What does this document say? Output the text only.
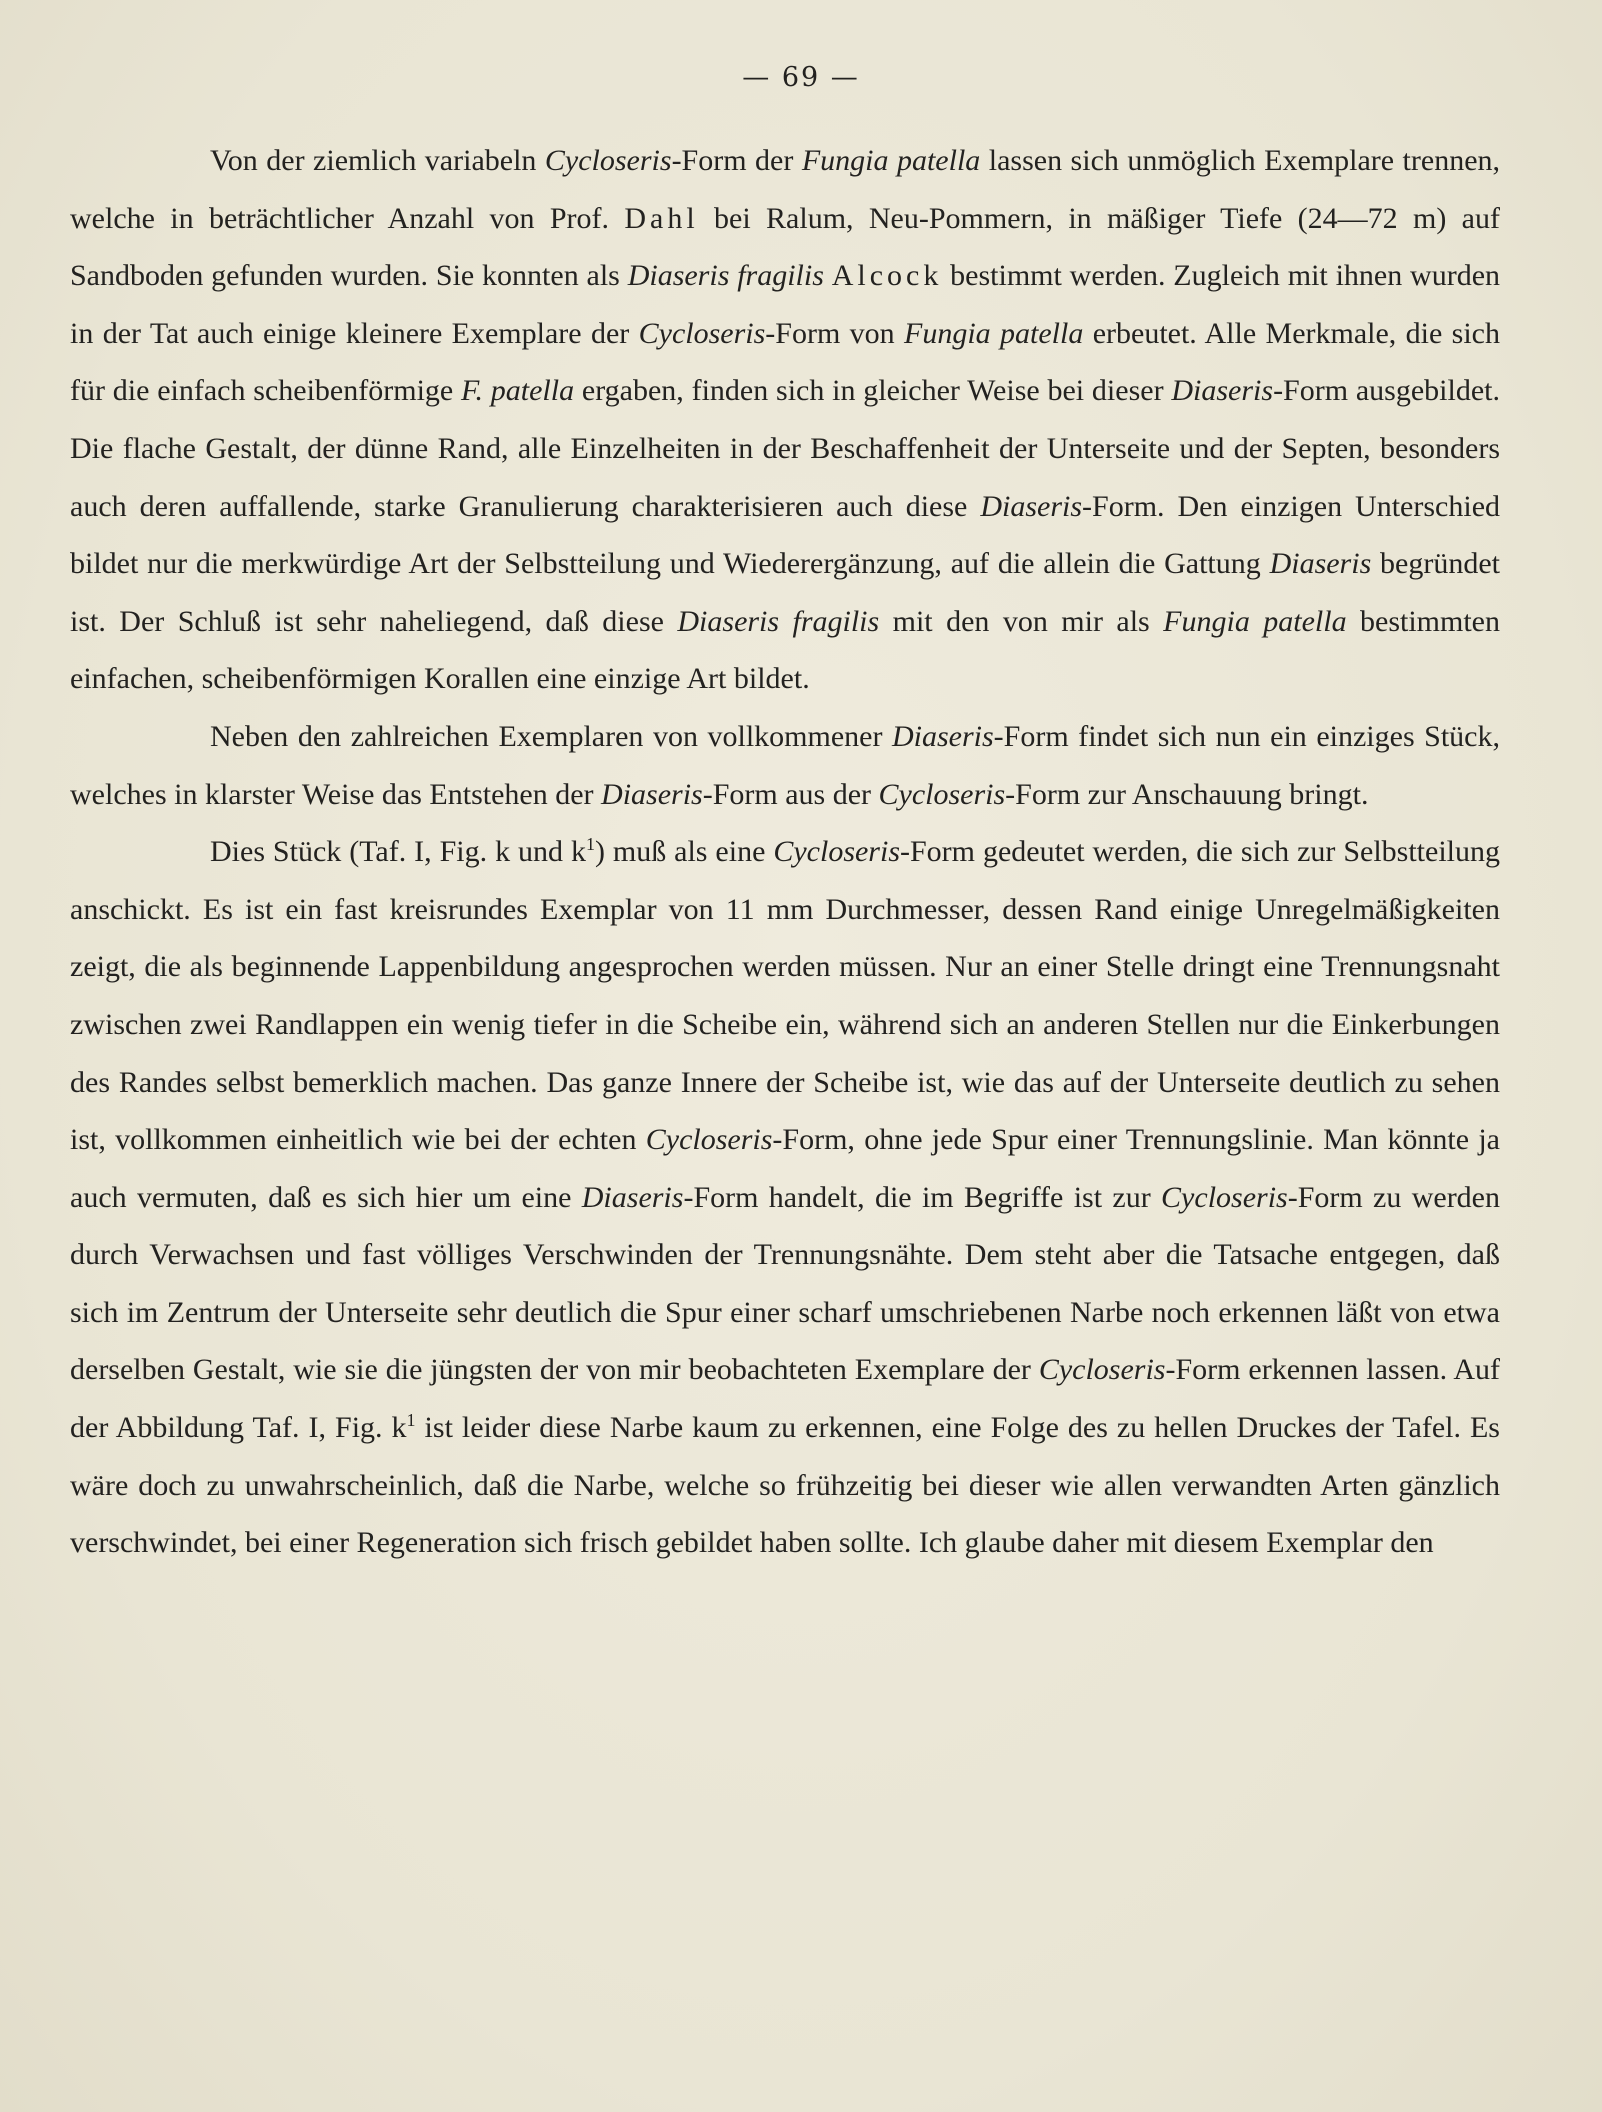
— 69 —

Von der ziemlich variabeln Cycloseris-Form der Fungia patella lassen sich unmöglich Exemplare trennen, welche in beträchtlicher Anzahl von Prof. Dahl bei Ralum, Neu-Pommern, in mäßiger Tiefe (24—72 m) auf Sandboden gefunden wurden. Sie konnten als Diaseris fragilis Alcock bestimmt werden. Zugleich mit ihnen wurden in der Tat auch einige kleinere Exemplare der Cycloseris-Form von Fungia patella erbeutet. Alle Merkmale, die sich für die einfach scheibenförmige F. patella ergaben, finden sich in gleicher Weise bei dieser Diaseris-Form ausgebildet. Die flache Gestalt, der dünne Rand, alle Einzelheiten in der Beschaffenheit der Unterseite und der Septen, besonders auch deren auffallende, starke Granulierung charakterisieren auch diese Diaseris-Form. Den einzigen Unterschied bildet nur die merkwürdige Art der Selbstteilung und Wiederergänzung, auf die allein die Gattung Diaseris begründet ist. Der Schluß ist sehr naheliegend, daß diese Diaseris fragilis mit den von mir als Fungia patella bestimmten einfachen, scheibenförmigen Korallen eine einzige Art bildet.

Neben den zahlreichen Exemplaren von vollkommener Diaseris-Form findet sich nun ein einziges Stück, welches in klarster Weise das Entstehen der Diaseris-Form aus der Cycloseris-Form zur Anschauung bringt.

Dies Stück (Taf. I, Fig. k und $k^1$) muß als eine Cycloseris-Form gedeutet werden, die sich zur Selbstteilung anschickt. Es ist ein fast kreisrundes Exemplar von 11 mm Durchmesser, dessen Rand einige Unregelmäßigkeiten zeigt, die als beginnende Lappenbildung angesprochen werden müssen. Nur an einer Stelle dringt eine Trennungsnaht zwischen zwei Randlappen ein wenig tiefer in die Scheibe ein, während sich an anderen Stellen nur die Einkerbungen des Randes selbst bemerklich machen. Das ganze Innere der Scheibe ist, wie das auf der Unterseite deutlich zu sehen ist, vollkommen einheitlich wie bei der echten Cycloseris-Form, ohne jede Spur einer Trennungslinie. Man könnte ja auch vermuten, daß es sich hier um eine Diaseris-Form handelt, die im Begriffe ist zur Cycloseris-Form zu werden durch Verwachsen und fast völliges Verschwinden der Trennungsnähte. Dem steht aber die Tatsache entgegen, daß sich im Zentrum der Unterseite sehr deutlich die Spur einer scharf umschriebenen Narbe noch erkennen läßt von etwa derselben Gestalt, wie sie die jüngsten der von mir beobachteten Exemplare der Cycloseris-Form erkennen lassen. Auf der Abbildung Taf. I, Fig. $k^1$ ist leider diese Narbe kaum zu erkennen, eine Folge des zu hellen Druckes der Tafel. Es wäre doch zu unwahrscheinlich, daß die Narbe, welche so frühzeitig bei dieser wie allen verwandten Arten gänzlich verschwindet, bei einer Regeneration sich frisch gebildet haben sollte. Ich glaube daher mit diesem Exemplar den
